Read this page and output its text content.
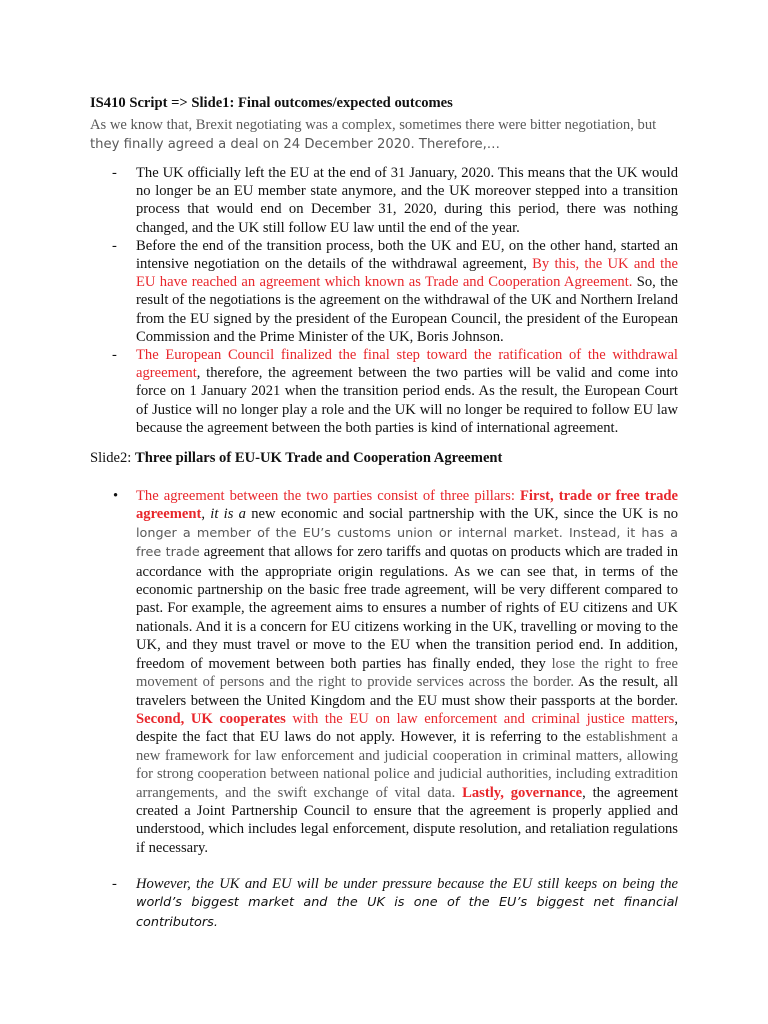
IS410 Script => Slide1: Final outcomes/expected outcomes

As we know that, Brexit negotiating was a complex, sometimes there were bitter negotiation, but
they finally agreed a deal on 24 December 2020. Therefore,…

- The UK officially left the EU at the end of 31 January, 2020. This means that the UK would no longer be an EU member state anymore, and the UK moreover stepped into a transition process that would end on December 31, 2020, during this period, there was nothing changed, and the UK still follow EU law until the end of the year.
- Before the end of the transition process, both the UK and EU, on the other hand, started an intensive negotiation on the details of the withdrawal agreement, By this, the UK and the EU have reached an agreement which known as Trade and Cooperation Agreement. So, the result of the negotiations is the agreement on the withdrawal of the UK and Northern Ireland from the EU signed by the president of the European Council, the president of the European Commission and the Prime Minister of the UK, Boris Johnson.
- The European Council finalized the final step toward the ratification of the withdrawal agreement, therefore, the agreement between the two parties will be valid and come into force on 1 January 2021 when the transition period ends. As the result, the European Court of Justice will no longer play a role and the UK will no longer be required to follow EU law because the agreement between the both parties is kind of international agreement.

Slide2: Three pillars of EU-UK Trade and Cooperation Agreement

• The agreement between the two parties consist of three pillars: First, trade or free trade agreement, it is a new economic and social partnership with the UK, since the UK is no longer a member of the EU’s customs union or internal market. Instead, it has a free trade agreement that allows for zero tariffs and quotas on products which are traded in accordance with the appropriate origin regulations. As we can see that, in terms of the economic partnership on the basic free trade agreement, will be very different compared to past. For example, the agreement aims to ensures a number of rights of EU citizens and UK nationals. And it is a concern for EU citizens working in the UK, travelling or moving to the UK, and they must travel or move to the EU when the transition period end. In addition, freedom of movement between both parties has finally ended, they lose the right to free movement of persons and the right to provide services across the border. As the result, all travelers between the United Kingdom and the EU must show their passports at the border. Second, UK cooperates with the EU on law enforcement and criminal justice matters, despite the fact that EU laws do not apply. However, it is referring to the establishment a new framework for law enforcement and judicial cooperation in criminal matters, allowing for strong cooperation between national police and judicial authorities, including extradition arrangements, and the swift exchange of vital data. Lastly, governance, the agreement created a Joint Partnership Council to ensure that the agreement is properly applied and understood, which includes legal enforcement, dispute resolution, and retaliation regulations if necessary.
- However, the UK and EU will be under pressure because the EU still keeps on being the world’s biggest market and the UK is one of the EU’s biggest net financial contributors.
